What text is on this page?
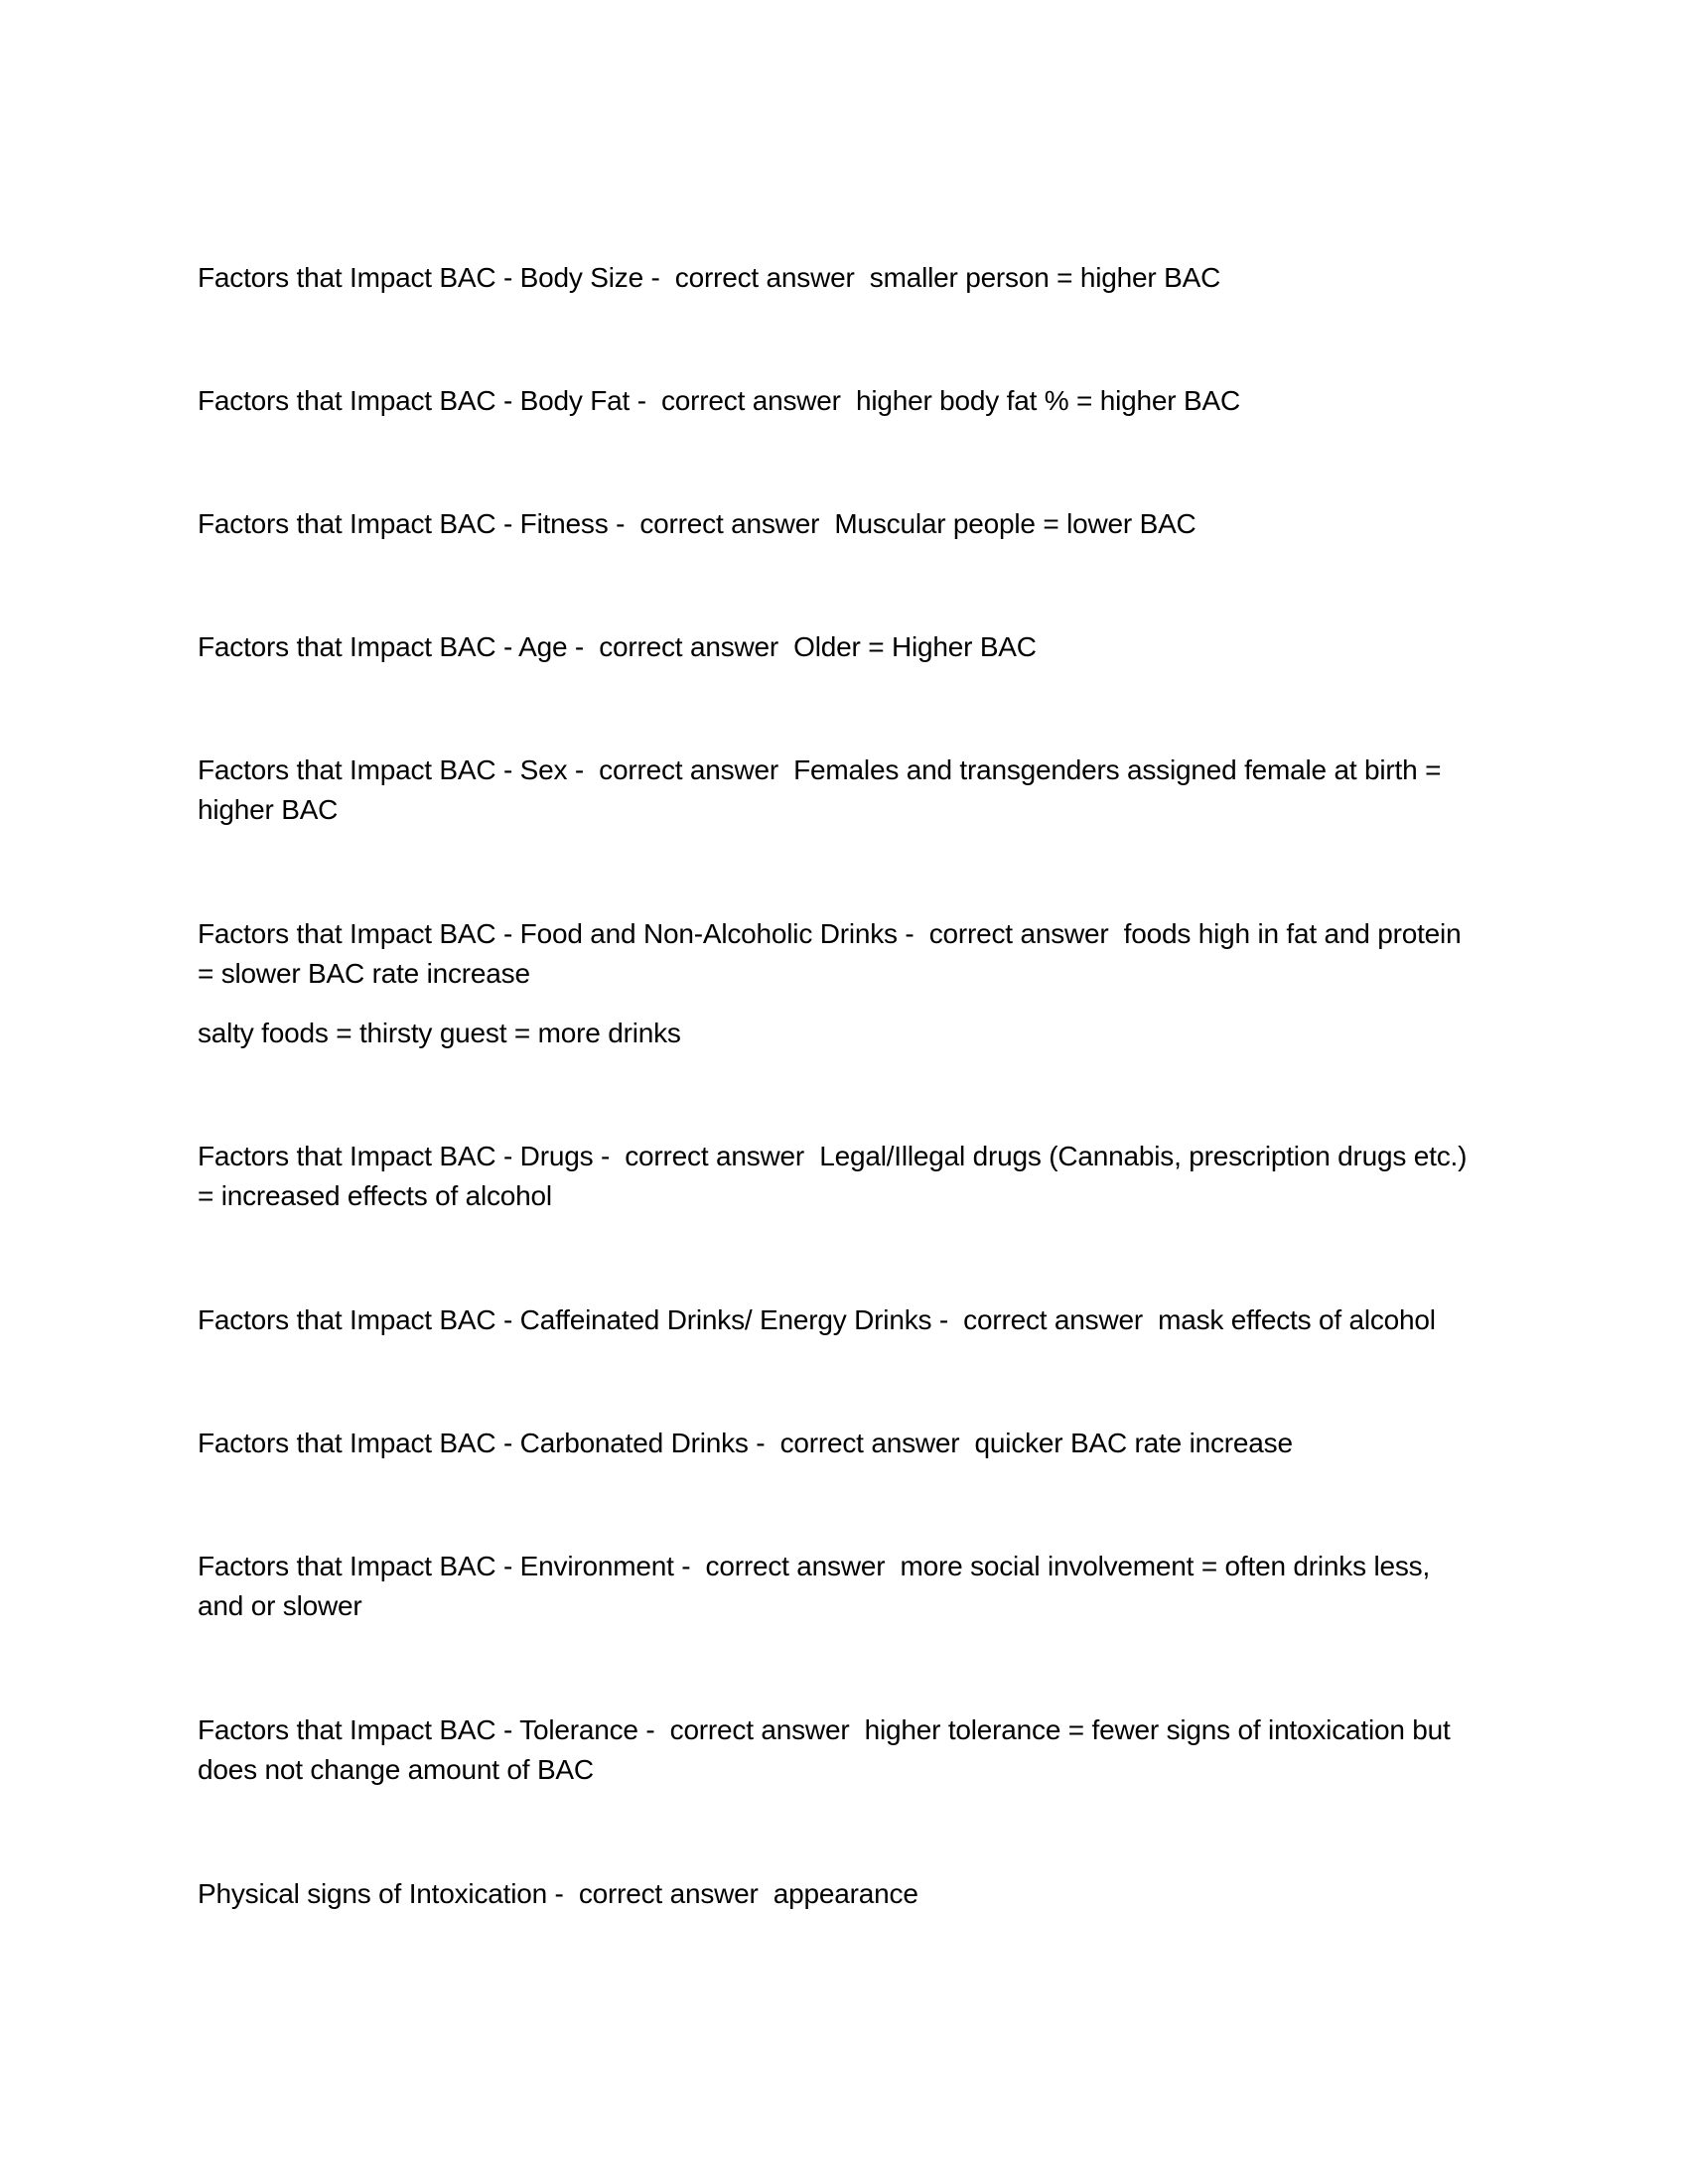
Factors that Impact BAC - Body Size -  correct answer  smaller person = higher BAC
Factors that Impact BAC - Body Fat -  correct answer  higher body fat % = higher BAC
Factors that Impact BAC - Fitness -  correct answer  Muscular people = lower BAC
Factors that Impact BAC - Age -  correct answer  Older = Higher BAC
Factors that Impact BAC - Sex -  correct answer  Females and transgenders assigned female at birth =
higher BAC
Factors that Impact BAC - Food and Non-Alcoholic Drinks -  correct answer  foods high in fat and protein
= slower BAC rate increase
salty foods = thirsty guest = more drinks
Factors that Impact BAC - Drugs -  correct answer  Legal/Illegal drugs (Cannabis, prescription drugs etc.)
= increased effects of alcohol
Factors that Impact BAC - Caffeinated Drinks/ Energy Drinks -  correct answer  mask effects of alcohol
Factors that Impact BAC - Carbonated Drinks -  correct answer  quicker BAC rate increase
Factors that Impact BAC - Environment -  correct answer  more social involvement = often drinks less,
and or slower
Factors that Impact BAC - Tolerance -  correct answer  higher tolerance = fewer signs of intoxication but
does not change amount of BAC
Physical signs of Intoxication -  correct answer  appearance
